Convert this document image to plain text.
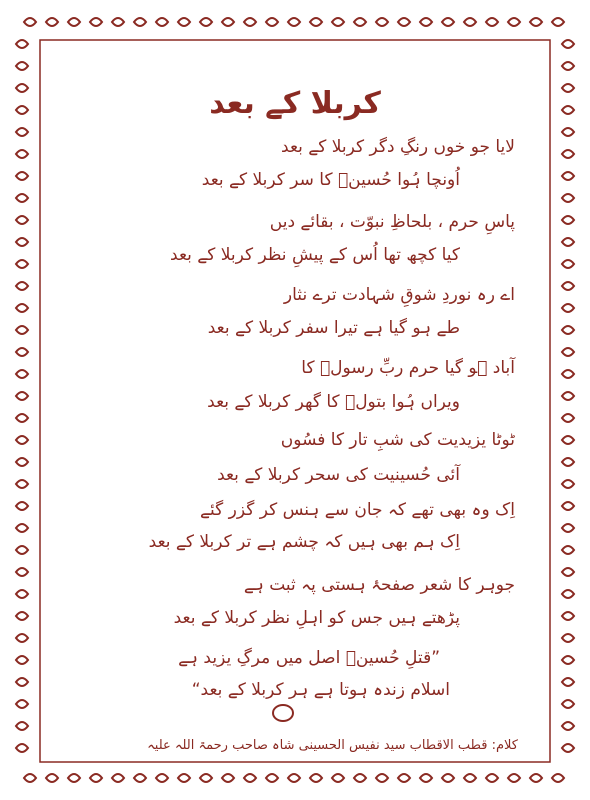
کربلا کے بعد
لایا جو خوں رنگِ دگر کربلا کے بعد
اُونچا ہُوا حُسینؑ کا سر کربلا کے بعد
پاسِ حرم ، بلحاظِ نبوّت ، بقائے دیں
کیا کچھ تھا اُس کے پیشِ نظر کربلا کے بعد
اے رہ نوردِ شوقِ شہادت ترے نثار
طے ہو گیا ہے تیرا سفر کربلا کے بعد
آباد ہو گیا حرم ربِّ رسولؐ کا
ویراں ہُوا بتولؑ کا گھر کربلا کے بعد
ٹوٹا یزیدیت کی شبِ تار کا فسُوں
آئی حُسینیت کی سحر کربلا کے بعد
اِک وہ بھی تھے کہ جان سے ہنس کر گزر گئے
اِک ہم بھی ہیں کہ چشم ہے تر کربلا کے بعد
جوہر کا شعر صفحۂ ہستی پہ ثبت ہے
پڑھتے ہیں جس کو اہلِ نظر کربلا کے بعد
”قتلِ حُسینؑ اصل میں مرگِ یزید ہے
اسلام زندہ ہوتا ہے ہر کربلا کے بعد“
کلام: قطب الاقطاب سید نفیس الحسینی شاہ صاحب رحمۃ اللہ علیہ
